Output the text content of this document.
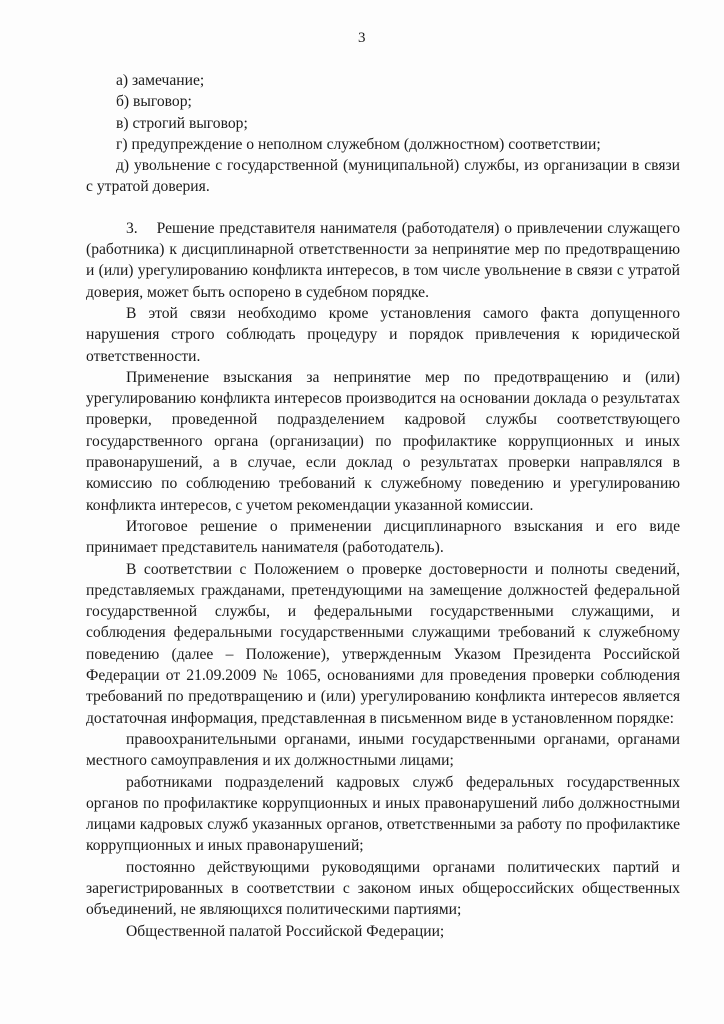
3

а) замечание;

б) выговор;

в) строгий выговор;

г) предупреждение о неполном служебном (должностном) соответствии;

д) увольнение с государственной (муниципальной) службы, из организации в связи с утратой доверия.

3.    Решение представителя нанимателя (работодателя) о привлечении служащего (работника) к дисциплинарной ответственности за непринятие мер по предотвращению и (или) урегулированию конфликта интересов, в том числе увольнение в связи с утратой доверия, может быть оспорено в судебном порядке.

В этой связи необходимо кроме установления самого факта допущенного нарушения строго соблюдать процедуру и порядок привлечения к юридической ответственности.

Применение взыскания за непринятие мер по предотвращению и (или) урегулированию конфликта интересов производится на основании доклада о результатах проверки, проведенной подразделением кадровой службы соответствующего государственного органа (организации) по профилактике коррупционных и иных правонарушений, а в случае, если доклад о результатах проверки направлялся в комиссию по соблюдению требований к служебному поведению и урегулированию конфликта интересов, с учетом рекомендации указанной комиссии.

Итоговое решение о применении дисциплинарного взыскания и его виде принимает представитель нанимателя (работодатель).

В соответствии с Положением о проверке достоверности и полноты сведений, представляемых гражданами, претендующими на замещение должностей федеральной государственной службы, и федеральными государственными служащими, и соблюдения федеральными государственными служащими требований к служебному поведению (далее – Положение), утвержденным Указом Президента Российской Федерации от 21.09.2009 № 1065, основаниями для проведения проверки соблюдения требований по предотвращению и (или) урегулированию конфликта интересов является достаточная информация, представленная в письменном виде в установленном порядке:

правоохранительными органами, иными государственными органами, органами местного самоуправления и их должностными лицами;

работниками подразделений кадровых служб федеральных государственных органов по профилактике коррупционных и иных правонарушений либо должностными лицами кадровых служб указанных органов, ответственными за работу по профилактике коррупционных и иных правонарушений;

постоянно действующими руководящими органами политических партий и зарегистрированных в соответствии с законом иных общероссийских общественных объединений, не являющихся политическими партиями;

Общественной палатой Российской Федерации;
